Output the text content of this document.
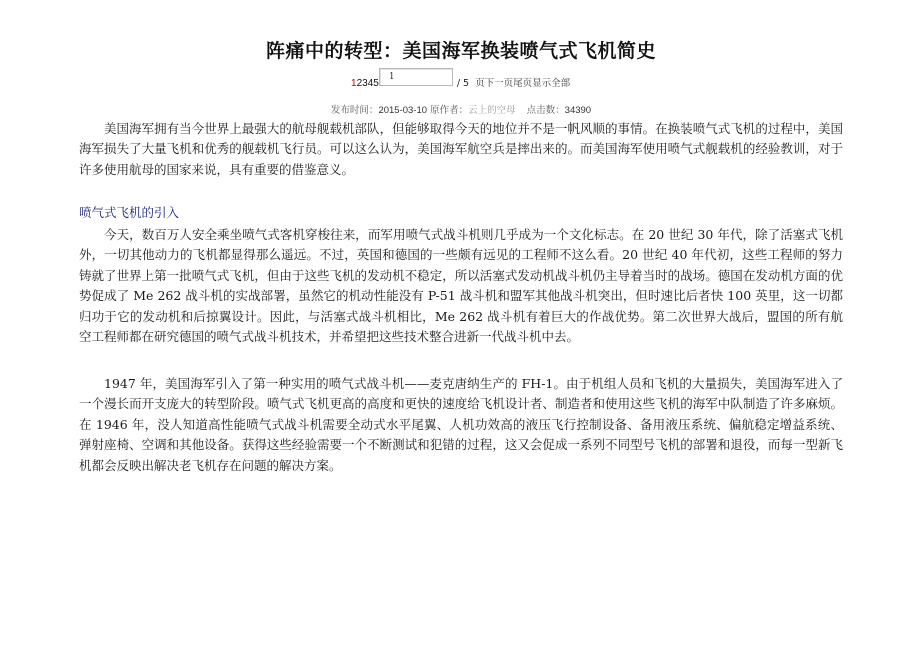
阵痛中的转型：美国海军换装喷气式飞机简史
1 2 3 4 5
1	/ 5 页下一页尾页显示全部
发布时间：2015-03-10 原作者：云上的空母 点击数：34390

美国海军拥有当今世界上最强大的航母舰载机部队，但能够取得今天的地位并不是一帆风顺的事情。在换装喷气式飞机的过程中，美国海军损失了大量飞机和优秀的舰载机飞行员。可以这么认为，美国海军航空兵是摔出来的。而美国海军使用喷气式舰载机的经验教训，对于许多使用航母的国家来说，具有重要的借鉴意义。

喷气式飞机的引入

今天，数百万人安全乘坐喷气式客机穿梭往来，而军用喷气式战斗机则几乎成为一个文化标志。在 20 世纪 30 年代，除了活塞式飞机外，一切其他动力的飞机都显得那么遥远。不过，英国和德国的一些颇有远见的工程师不这么看。20 世纪 40 年代初，这些工程师的努力铸就了世界上第一批喷气式飞机，但由于这些飞机的发动机不稳定，所以活塞式发动机战斗机仍主导着当时的战场。德国在发动机方面的优势促成了 Me 262 战斗机的实战部署，虽然它的机动性能没有 P-51 战斗机和盟军其他战斗机突出，但时速比后者快 100 英里，这一切都归功于它的发动机和后掠翼设计。因此，与活塞式战斗机相比，Me 262 战斗机有着巨大的作战优势。第二次世界大战后，盟国的所有航空工程师都在研究德国的喷气式战斗机技术，并希望把这些技术整合进新一代战斗机中去。

1947 年，美国海军引入了第一种实用的喷气式战斗机——麦克唐纳生产的 FH-1。由于机组人员和飞机的大量损失，美国海军进入了一个漫长而开支庞大的转型阶段。喷气式飞机更高的高度和更快的速度给飞机设计者、制造者和使用这些飞机的海军中队制造了许多麻烦。在 1946 年，没人知道高性能喷气式战斗机需要全动式水平尾翼、人机功效高的液压飞行控制设备、备用液压系统、偏航稳定增益系统、弹射座椅、空调和其他设备。获得这些经验需要一个不断测试和犯错的过程，这又会促成一系列不同型号飞机的部署和退役，而每一型新飞机都会反映出解决老飞机存在问题的解决方案。
